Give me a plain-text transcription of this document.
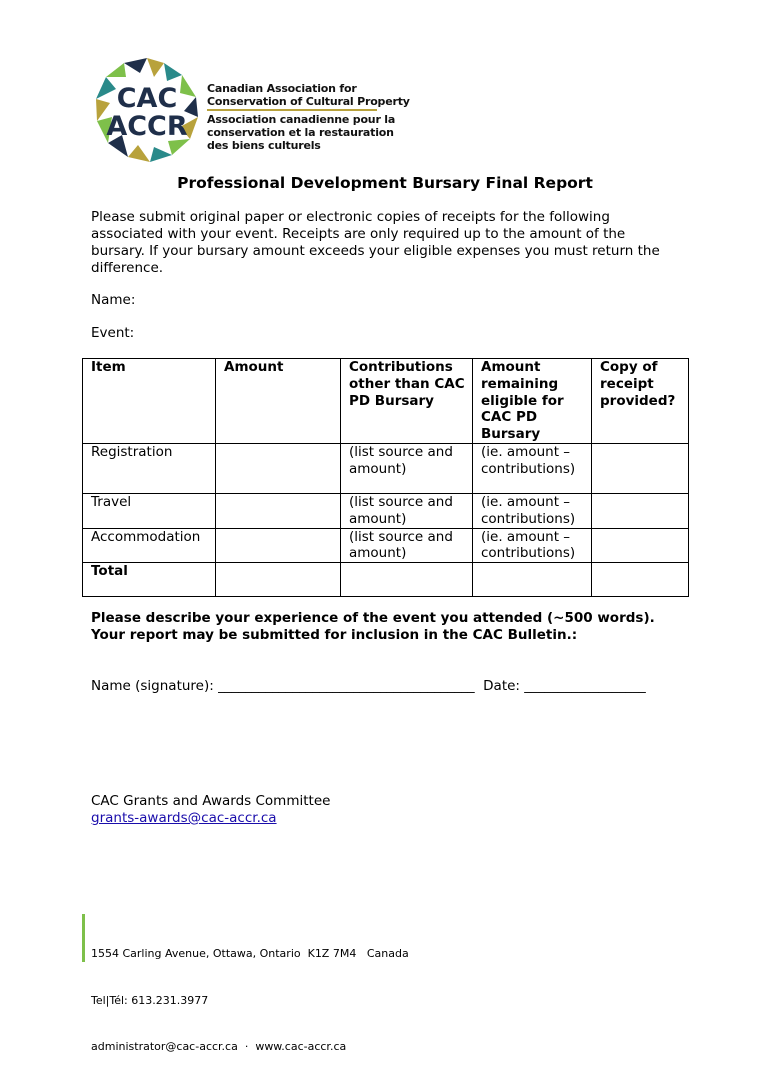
CAC
ACCR
Canadian Association for
Conservation of Cultural Property
Association canadienne pour la
conservation et la restauration
des biens culturels
Professional Development Bursary Final Report
Please submit original paper or electronic copies of receipts for the following associated with your event. Receipts are only required up to the amount of the bursary. If your bursary amount exceeds your eligible expenses you must return the difference.
Name:
Event:
Item	Amount	Contributions other than CAC PD Bursary	Amount remaining eligible for CAC PD Bursary	Copy of receipt provided?
Registration		(list source and amount)	(ie. amount – contributions)	
Travel		(list source and amount)	(ie. amount – contributions)	
Accommodation		(list source and amount)	(ie. amount – contributions)	
Total				
Please describe your experience of the event you attended (~500 words). Your report may be submitted for inclusion in the CAC Bulletin.:
Name (signature): ______________________________________  Date: __________________
CAC Grants and Awards Committee
grants-awards@cac-accr.ca

1554 Carling Avenue, Ottawa, Ontario  K1Z 7M4   Canada

Tel|Tél: 613.231.3977

administrator@cac-accr.ca  ·  www.cac-accr.ca
